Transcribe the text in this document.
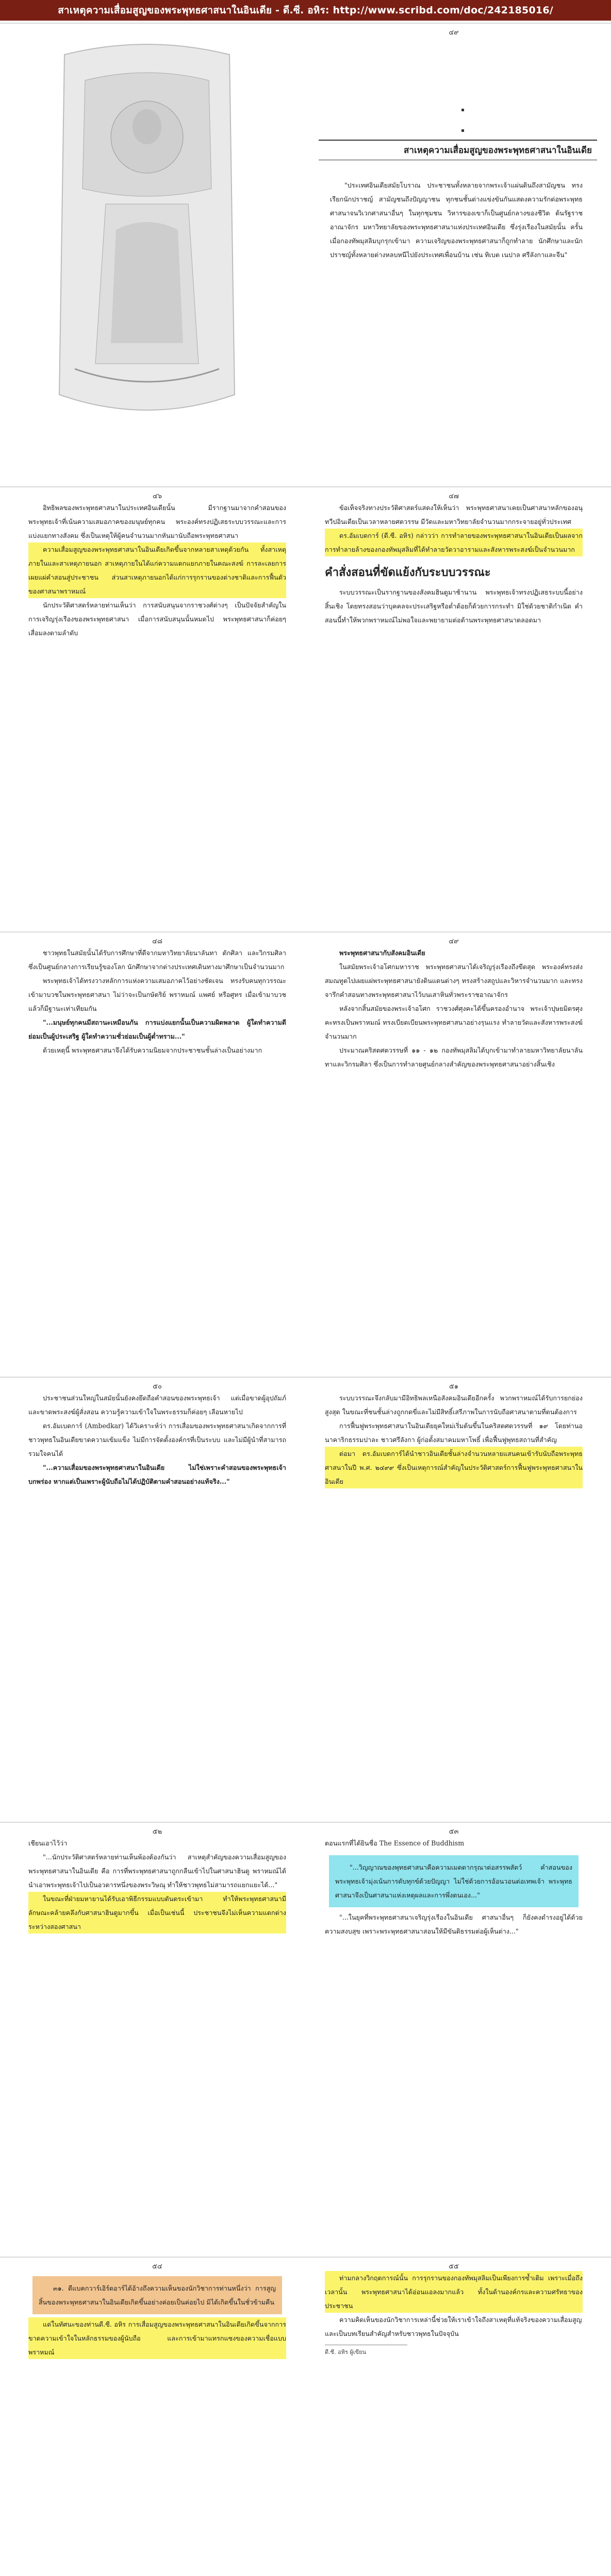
สาเหตุความเสื่อมสูญของพระพุทธศาสนาในอินเดีย - ดี.ซี. อหิร: http://www.scribd.com/doc/242185016/
๔๙
สาเหตุความเสื่อมสูญของพระพุทธศาสนาในอินเดีย

"ประเทศอินเดียสมัยโบราณ ประชาชนทั้งหลายจากพระเจ้าแผ่นดินถึงสามัญชน ทรงเรียกนักปราชญ์ สามัญชนถึงปัญญาชน ทุกชนชั้นต่างแข่งขันกันแสดงความรักต่อพระพุทธศาสนาจนวิเวกศาสนาอื่นๆ ในทุกชุมชน วิหารของเขาก็เป็นศูนย์กลางของชีวิต ต้นรัฐราชอาณาจักร มหาวิทยาลัยของพระพุทธศาสนาแห่งประเทศอินเดีย ซึ่งรุ่งเรืองในสมัยนั้น ครั้นเมื่อกองทัพมุสลิมบุกรุกเข้ามา ความเจริญของพระพุทธศาสนาก็ถูกทำลาย นักศึกษาและนักปราชญ์ทั้งหลายต่างหลบหนีไปยังประเทศเพื่อนบ้าน เช่น ทิเบต เนปาล ศรีลังกาและจีน"

๔๖

อิทธิพลของพระพุทธศาสนาในประเทศอินเดียนั้น มีรากฐานมาจากคำสอนของพระพุทธเจ้าที่เน้นความเสมอภาคของมนุษย์ทุกคน พระองค์ทรงปฏิเสธระบบวรรณะและการแบ่งแยกทางสังคม ซึ่งเป็นเหตุให้ผู้คนจำนวนมากหันมานับถือพระพุทธศาสนา

ความเสื่อมสูญของพระพุทธศาสนาในอินเดียเกิดขึ้นจากหลายสาเหตุด้วยกัน ทั้งสาเหตุภายในและสาเหตุภายนอก สาเหตุภายในได้แก่ความแตกแยกภายในคณะสงฆ์ การละเลยการเผยแผ่คำสอนสู่ประชาชน ส่วนสาเหตุภายนอกได้แก่การรุกรานของต่างชาติและการฟื้นตัวของศาสนาพราหมณ์

นักประวัติศาสตร์หลายท่านเห็นว่า การสนับสนุนจากราชวงศ์ต่างๆ เป็นปัจจัยสำคัญในการเจริญรุ่งเรืองของพระพุทธศาสนา เมื่อการสนับสนุนนั้นหมดไป พระพุทธศาสนาก็ค่อยๆ เสื่อมลงตามลำดับ

๔๗

ข้อเท็จจริงทางประวัติศาสตร์แสดงให้เห็นว่า พระพุทธศาสนาเคยเป็นศาสนาหลักของอนุทวีปอินเดียเป็นเวลาหลายศตวรรษ มีวัดและมหาวิทยาลัยจำนวนมากกระจายอยู่ทั่วประเทศ

ดร.อัมเบดการ์ (ดี.ซี. อหิร) กล่าวว่า การทำลายของพระพุทธศาสนาในอินเดียเป็นผลจากการทำลายล้างของกองทัพมุสลิมที่ได้ทำลายวัดวาอารามและสังหารพระสงฆ์เป็นจำนวนมาก

คำสั่งสอนที่ขัดแย้งกับระบบวรรณะ

ระบบวรรณะเป็นรากฐานของสังคมฮินดูมาช้านาน พระพุทธเจ้าทรงปฏิเสธระบบนี้อย่างสิ้นเชิง โดยทรงสอนว่าบุคคลจะประเสริฐหรือต่ำต้อยก็ด้วยการกระทำ มิใช่ด้วยชาติกำเนิด คำสอนนี้ทำให้พวกพราหมณ์ไม่พอใจและพยายามต่อต้านพระพุทธศาสนาตลอดมา

๔๘

ชาวพุทธในสมัยนั้นได้รับการศึกษาที่ดีจากมหาวิทยาลัยนาลันทา ตักศิลา และวิกรมศิลา ซึ่งเป็นศูนย์กลางการเรียนรู้ของโลก นักศึกษาจากต่างประเทศเดินทางมาศึกษาเป็นจำนวนมาก

พระพุทธเจ้าได้ทรงวางหลักการแห่งความเสมอภาคไว้อย่างชัดเจน ทรงรับคนทุกวรรณะเข้ามาบวชในพระพุทธศาสนา ไม่ว่าจะเป็นกษัตริย์ พราหมณ์ แพศย์ หรือศูทร เมื่อเข้ามาบวชแล้วก็มีฐานะเท่าเทียมกัน

"...มนุษย์ทุกคนมีสถานะเหมือนกัน การแบ่งแยกนั้นเป็นความผิดพลาด ผู้ใดทำความดีย่อมเป็นผู้ประเสริฐ ผู้ใดทำความชั่วย่อมเป็นผู้ต่ำทราม..."

ด้วยเหตุนี้ พระพุทธศาสนาจึงได้รับความนิยมจากประชาชนชั้นล่างเป็นอย่างมาก

๔๙

พระพุทธศาสนากับสังคมอินเดีย

ในสมัยพระเจ้าอโศกมหาราช พระพุทธศาสนาได้เจริญรุ่งเรืองถึงขีดสุด พระองค์ทรงส่งสมณทูตไปเผยแผ่พระพุทธศาสนายังดินแดนต่างๆ ทรงสร้างสถูปและวิหารจำนวนมาก และทรงจารึกคำสอนทางพระพุทธศาสนาไว้บนเสาหินทั่วพระราชอาณาจักร

หลังจากสิ้นสมัยของพระเจ้าอโศก ราชวงศ์ศุงคะได้ขึ้นครองอำนาจ พระเจ้าปุษยมิตรศุงคะทรงเป็นพราหมณ์ ทรงเบียดเบียนพระพุทธศาสนาอย่างรุนแรง ทำลายวัดและสังหารพระสงฆ์จำนวนมาก

ประมาณคริสตศตวรรษที่ ๑๑ - ๑๒ กองทัพมุสลิมได้บุกเข้ามาทำลายมหาวิทยาลัยนาลันทาและวิกรมศิลา ซึ่งเป็นการทำลายศูนย์กลางสำคัญของพระพุทธศาสนาอย่างสิ้นเชิง

๕๐

ประชาชนส่วนใหญ่ในสมัยนั้นยังคงยึดถือคำสอนของพระพุทธเจ้า แต่เมื่อขาดผู้อุปถัมภ์และขาดพระสงฆ์ผู้สั่งสอน ความรู้ความเข้าใจในพระธรรมก็ค่อยๆ เลือนหายไป

ดร.อัมเบดการ์ (Ambedkar) ได้วิเคราะห์ว่า การเสื่อมของพระพุทธศาสนาเกิดจากการที่ชาวพุทธในอินเดียขาดความเข้มแข็ง ไม่มีการจัดตั้งองค์กรที่เป็นระบบ และไม่มีผู้นำที่สามารถรวมใจคนได้

"...ความเสื่อมของพระพุทธศาสนาในอินเดีย ไม่ใช่เพราะคำสอนของพระพุทธเจ้าบกพร่อง หากแต่เป็นเพราะผู้นับถือไม่ได้ปฏิบัติตามคำสอนอย่างแท้จริง..."

๕๑

ระบบวรรณะจึงกลับมามีอิทธิพลเหนือสังคมอินเดียอีกครั้ง พวกพราหมณ์ได้รับการยกย่องสูงสุด ในขณะที่ชนชั้นล่างถูกกดขี่และไม่มีสิทธิ์เสรีภาพในการนับถือศาสนาตามที่ตนต้องการ

การฟื้นฟูพระพุทธศาสนาในอินเดียยุคใหม่เริ่มต้นขึ้นในคริสตศตวรรษที่ ๑๙ โดยท่านอนาคาริกธรรมปาละ ชาวศรีลังกา ผู้ก่อตั้งสมาคมมหาโพธิ์ เพื่อฟื้นฟูพุทธสถานที่สำคัญ

ต่อมา ดร.อัมเบดการ์ได้นำชาวอินเดียชั้นล่างจำนวนหลายแสนคนเข้ารับนับถือพระพุทธศาสนาในปี พ.ศ. ๒๔๙๙ ซึ่งเป็นเหตุการณ์สำคัญในประวัติศาสตร์การฟื้นฟูพระพุทธศาสนาในอินเดีย

๕๒

เชียนเอาไว้ว่า

"...นักประวัติศาสตร์หลายท่านเห็นพ้องต้องกันว่า สาเหตุสำคัญของความเสื่อมสูญของพระพุทธศาสนาในอินเดีย คือ การที่พระพุทธศาสนาถูกกลืนเข้าไปในศาสนาฮินดู พราหมณ์ได้นำเอาพระพุทธเจ้าไปเป็นอวตารหนึ่งของพระวิษณุ ทำให้ชาวพุทธไม่สามารถแยกแยะได้..."

ในขณะที่ฝ่ายมหายานได้รับเอาพิธีกรรมแบบตันตระเข้ามา ทำให้พระพุทธศาสนามีลักษณะคล้ายคลึงกับศาสนาฮินดูมากขึ้น เมื่อเป็นเช่นนี้ ประชาชนจึงไม่เห็นความแตกต่างระหว่างสองศาสนา

๕๓

ตอนแรกที่ได้ยินชื่อ The Essence of Buddhism

"...วิญญาณของพุทธศาสนาคือความเมตตากรุณาต่อสรรพสัตว์ คำสอนของพระพุทธเจ้ามุ่งเน้นการดับทุกข์ด้วยปัญญา ไม่ใช่ด้วยการอ้อนวอนต่อเทพเจ้า พระพุทธศาสนาจึงเป็นศาสนาแห่งเหตุผลและการพึ่งตนเอง..."

"...ในยุคที่พระพุทธศาสนาเจริญรุ่งเรืองในอินเดีย ศาสนาอื่นๆ ก็ยังคงดำรงอยู่ได้ด้วยความสงบสุข เพราะพระพุทธศาสนาสอนให้มีขันติธรรมต่อผู้เห็นต่าง..."

๕๔

๓๑. ดีแบคกวาร์เอิร์ดอาร์ได้อ้างถึงความเห็นของนักวิชาการท่านหนึ่งว่า การสูญสิ้นของพระพุทธศาสนาในอินเดียเกิดขึ้นอย่างค่อยเป็นค่อยไป มิได้เกิดขึ้นในชั่วข้ามคืน

แต่ในทัศนะของท่านดี.ซี. อหิร การเสื่อมสูญของพระพุทธศาสนาในอินเดียเกิดขึ้นจากการขาดความเข้าใจในหลักธรรมของผู้นับถือ และการเข้ามาแทรกแซงของความเชื่อแบบพราหมณ์

๕๕

ท่ามกลางวิกฤตการณ์นั้น การรุกรานของกองทัพมุสลิมเป็นเพียงการซ้ำเติม เพราะเมื่อถึงเวลานั้น พระพุทธศาสนาได้อ่อนแอลงมากแล้ว ทั้งในด้านองค์กรและความศรัทธาของประชาชน

ความคิดเห็นของนักวิชาการเหล่านี้ช่วยให้เราเข้าใจถึงสาเหตุที่แท้จริงของความเสื่อมสูญ และเป็นบทเรียนสำคัญสำหรับชาวพุทธในปัจจุบัน

ดี.ซี. อหิร ผู้เขียน
